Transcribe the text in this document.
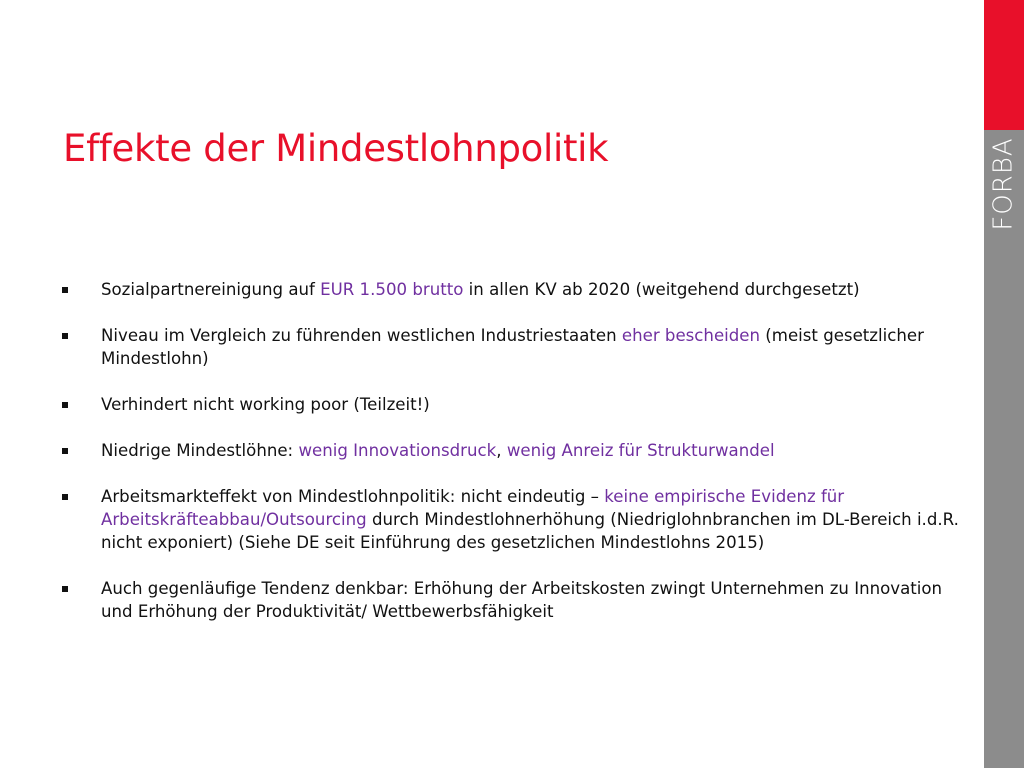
FORBA
Effekte der Mindestlohnpolitik
Sozialpartnereinigung auf EUR 1.500 brutto in allen KV ab 2020 (weitgehend durchgesetzt)
Niveau im Vergleich zu führenden westlichen Industriestaaten eher bescheiden (meist gesetzlicher Mindestlohn)
Verhindert nicht working poor (Teilzeit!)
Niedrige Mindestlöhne: wenig Innovationsdruck, wenig Anreiz für Strukturwandel
Arbeitsmarkteffekt von Mindestlohnpolitik: nicht eindeutig – keine empirische Evidenz für Arbeitskräfteabbau/Outsourcing durch Mindestlohnerhöhung (Niedriglohnbranchen im DL-Bereich i.d.R. nicht exponiert) (Siehe DE seit Einführung des gesetzlichen Mindestlohns 2015)
Auch gegenläufige Tendenz denkbar: Erhöhung der Arbeitskosten zwingt Unternehmen zu Innovation und Erhöhung der Produktivität/ Wettbewerbsfähigkeit
